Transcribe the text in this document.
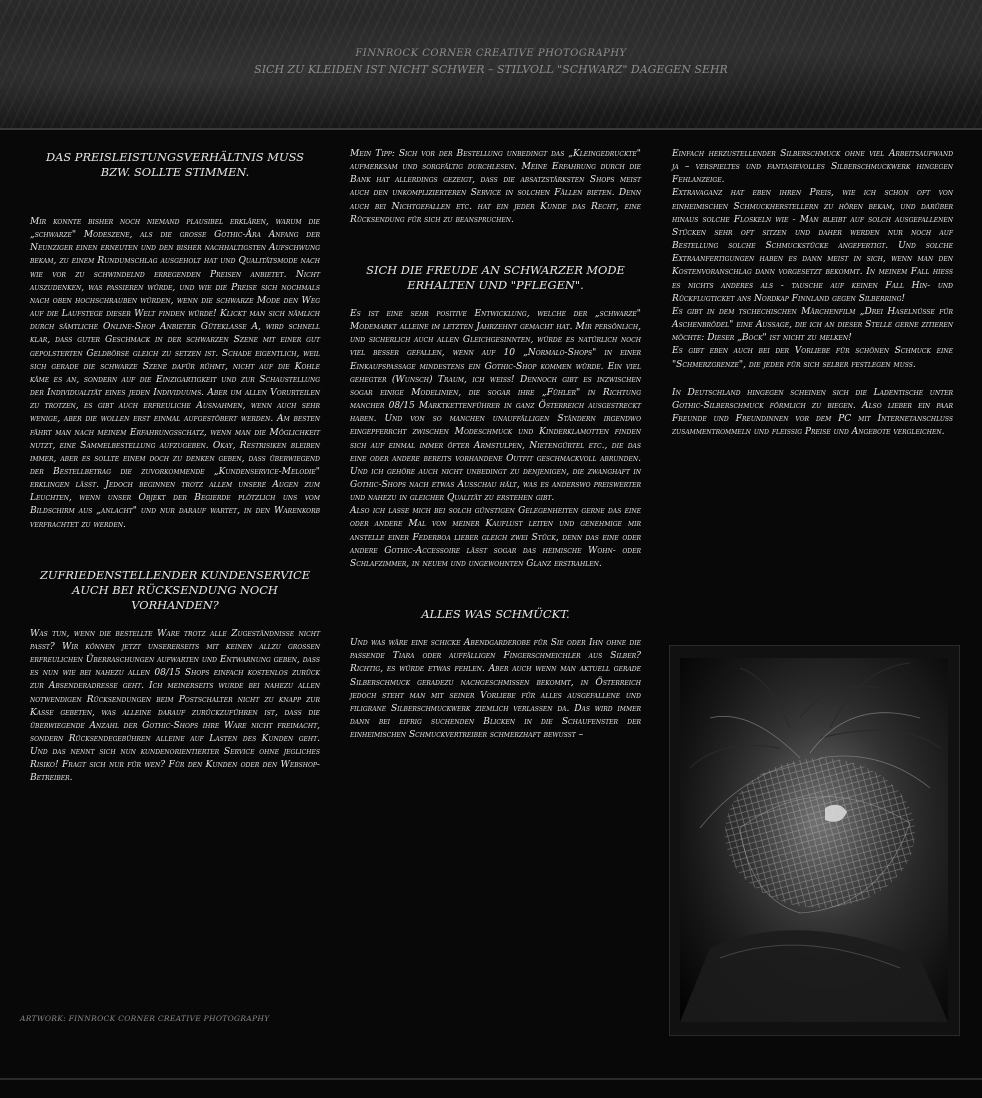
FINNROCK CORNER CREATIVE PHOTOGRAPHY
SICH ZU KLEIDEN IST NICHT SCHWER – STILVOLL "SCHWARZ" DAGEGEN SEHR
DAS PREISLEISTUNGSVERHÄLTNIS MUSS BZW. SOLLTE STIMMEN.

Mir konnte bisher noch niemand plausibel erklären, warum die „schwarze" Modeszene, als die große Gothic-Ära Anfang der Neunziger einen erneuten und den bisher nachhaltigsten Aufschwung bekam, zu einem Rundumschlag ausgeholt hat und Qualitätsmode nach wie vor zu schwindelnd erregenden Preisen anbietet. Nicht auszudenken, was passieren würde, und wie die Preise sich nochmals nach oben hochschrauben würden, wenn die schwarze Mode den Weg auf die Laufstege dieser Welt finden würde! Klickt man sich nämlich durch sämtliche Online-Shop Anbieter Güteklasse A, wird schnell klar, dass guter Geschmack in der schwarzen Szene mit einer gut gepolsterten Geldbörse gleich zu setzen ist. Schade eigentlich, weil sich gerade die schwarze Szene dafür rühmt, nicht auf die Kohle käme es an, sondern auf die Einzigartigkeit und zur Schaustellung der Individualität eines jeden Individuums. Aber um allen Vorurteilen zu trotzen, es gibt auch erfreuliche Ausnahmen, wenn auch sehr wenige, aber die wollen erst einmal aufgestöbert werden. Am besten fährt man nach meinem Erfahrungsschatz, wenn man die Möglichkeit nutzt, eine Sammelbestellung aufzugeben. Okay, Restrisiken bleiben immer, aber es sollte einem doch zu denken geben, dass überwiegend der Bestellbetrag die zuvorkommende „Kundenservice-Melodie" erklingen lässt. Jedoch beginnen trotz allem unsere Augen zum Leuchten, wenn unser Objekt der Begierde plötzlich uns vom Bildschirm aus „anlacht" und nur darauf wartet, in den Warenkorb verfrachtet zu werden.

ZUFRIEDENSTELLENDER KUNDENSERVICE AUCH BEI RÜCKSENDUNG NOCH VORHANDEN?

Was tun, wenn die bestellte Ware trotz alle Zugeständnisse nicht passt? Wir können jetzt unsererseits mit keinen allzu grossen erfreulichen Überraschungen aufwarten und Entwarnung geben, dass es nun wie bei nahezu allen 08/15 Shops einfach kostenlos zurück zur Absenderadresse geht. Ich meinerseits wurde bei nahezu allen notwendigen Rücksendungen beim Postschalter nicht zu knapp zur Kasse gebeten, was alleine darauf zurückzuführen ist, dass die überwiegende Anzahl der Gothic-Shops ihre Ware nicht freimacht, sondern Rücksendegebühren alleine auf Lasten des Kunden geht. Und das nennt sich nun kundenorientierter Service ohne jegliches Risiko! Fragt sich nur für wen? Für den Kunden oder den Webshop-Betreiber.

Mein Tipp: Sich vor der Bestellung unbedingt das „Kleingedruckte" aufmerksam und sorgfältig durchlesen. Meine Erfahrung durch die Bank hat allerdings gezeigt, dass die absatzstärksten Shops meist auch den unkomplizierteren Service in solchen Fällen bieten. Denn auch bei Nichtgefallen etc. hat ein jeder Kunde das Recht, eine Rücksendung für sich zu beanspruchen.

SICH DIE FREUDE AN SCHWARZER MODE ERHALTEN UND "PFLEGEN".

Es ist eine sehr positive Entwicklung, welche der „schwarze" Modemarkt alleine im letzten Jahrzehnt gemacht hat. Mir persönlich, und sicherlich auch allen Gleichgesinnten, würde es natürlich noch viel besser gefallen, wenn auf 10 „Normalo-Shops" in einer Einkaufspassage mindestens ein Gothic-Shop kommen würde. Ein viel gehegter (Wunsch) Traum, ich weiss! Dennoch gibt es inzwischen sogar einige Modelinien, die sogar ihre „Fühler" in Richtung mancher 08/15 Marktkettenführer in ganz Österreich ausgestreckt haben. Und von so manchen unauffälligen Ständern irgendwo eingepferrcht zwischen Modeschmuck und Kinderklamotten finden sich auf einmal immer öfter Armstulpen, Nietengürtel etc., die das eine oder andere bereits vorhandene Outfit geschmackvoll abrunden. Und ich gehöre auch nicht unbedingt zu denjenigen, die zwanghaft in Gothic-Shops nach etwas Ausschau hält, was es anderswo preiswerter und nahezu in gleicher Qualität zu erstehen gibt.

Also ich lasse mich bei solch günstigen Gelegenheiten gerne das eine oder andere Mal von meiner Kauflust leiten und genehmige mir anstelle einer Federboa lieber gleich zwei Stück, denn das eine oder andere Gothic-Accessoire lässt sogar das heimische Wohn- oder Schlafzimmer, in neuem und ungewohnten Glanz erstrahlen.

ALLES WAS SCHMÜCKT.

Und was wäre eine schicke Abendgarderobe für Sie oder Ihn ohne die passende Tiara oder auffälligen Fingerschmeichler aus Silber? Richtig, es würde etwas fehlen. Aber auch wenn man aktuell gerade Silberschmuck geradezu nachgeschmissen bekommt, in Österreich jedoch steht man mit seiner Vorliebe für alles ausgefallene und filigrane Silberschmuckwerk ziemlich verlassen da. Das wird immer dann bei eifrig suchenden Blicken in die Schaufenster der einheimischen Schmuckvertreiber schmerzhaft bewusst –

Einfach herzustellender Silberschmuck ohne viel Arbeitsaufwand ja – verspieltes und fantasievolles Silberschmuckwerk hingegen Fehlanzeige.

Extravaganz hat eben ihren Preis, wie ich schon oft von einheimischen Schmuckherstellern zu hören bekam, und darüber hinaus solche Floskeln wie - Man bleibt auf solch ausgefallenen Stücken sehr oft sitzen und daher werden nur noch auf Bestellung solche Schmuckstücke angefertigt. Und solche Extraanfertigungen haben es dann meist in sich, wenn man den Kostenvoranschlag dann vorgesetzt bekommt. In meinem Fall hiess es nichts anderes als - tausche auf keinen Fall Hin- und Rückflugticket ans Nordkap Finnland gegen Silberring!

Es gibt in dem tschechischen Märchenfilm „Drei Haselnüsse für Aschenbrödel" eine Aussage, die ich an dieser Stelle gerne zitieren möchte: Dieser „Bock" ist nicht zu melken!

Es gibt eben auch bei der Vorliebe für schönen Schmuck eine "Schmerzgrenze", die jeder für sich selber festlegen muss.

In Deutschland hingegen scheinen sich die Ladentische unter Gothic-Silberschmuck förmlich zu biegen. Also lieber ein paar Freunde und Freundinnen vor dem PC mit Internetanschluss zusammentrommeln und fleissig Preise und Angebote vergleichen.

ARTWORK: FINNROCK CORNER CREATIVE PHOTOGRAPHY
